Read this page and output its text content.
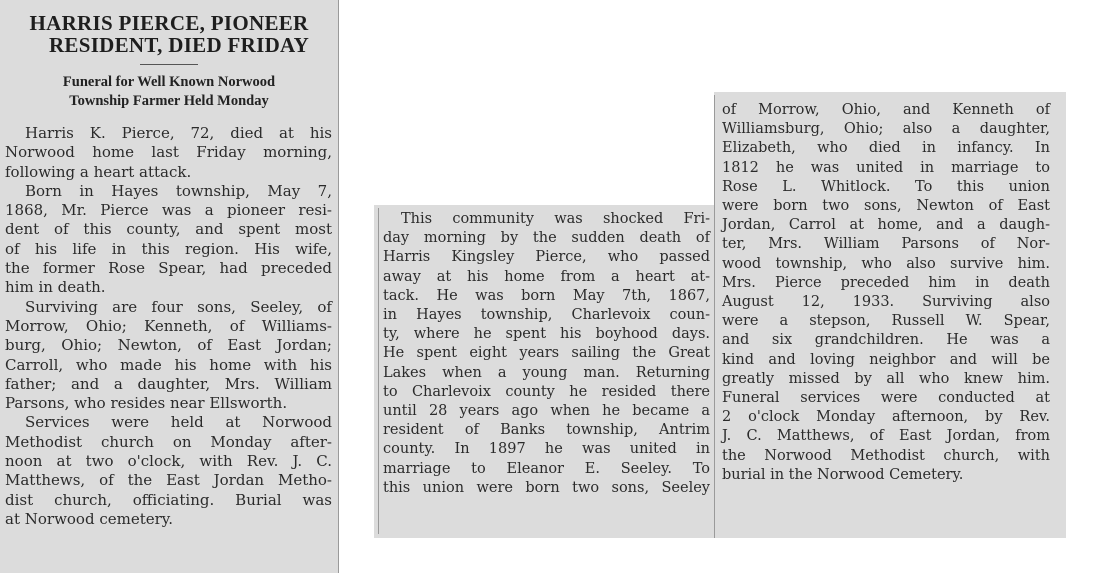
HARRIS PIERCE, PIONEER
RESIDENT, DIED FRIDAY
Funeral for Well Known Norwood
Township Farmer Held Monday
Harris K. Pierce, 72, died at his
Norwood home last Friday morning,
following a heart attack.
Born in Hayes township, May 7,
1868, Mr. Pierce was a pioneer resi-
dent of this county, and spent most
of his life in this region. His wife,
the former Rose Spear, had preceded
him in death.
Surviving are four sons, Seeley, of
Morrow, Ohio; Kenneth, of Williams-
burg, Ohio; Newton, of East Jordan;
Carroll, who made his home with his
father; and a daughter, Mrs. William
Parsons, who resides near Ellsworth.
Services were held at Norwood
Methodist church on Monday after-
noon at two o'clock, with Rev. J. C.
Matthews, of the East Jordan Metho-
dist church, officiating. Burial was
at Norwood cemetery.
This community was shocked Fri-
day morning by the sudden death of
Harris Kingsley Pierce, who passed
away at his home from a heart at-
tack. He was born May 7th, 1867,
in Hayes township, Charlevoix coun-
ty, where he spent his boyhood days.
He spent eight years sailing the Great
Lakes when a young man. Returning
to Charlevoix county he resided there
until 28 years ago when he became a
resident of Banks township, Antrim
county. In 1897 he was united in
marriage to Eleanor E. Seeley. To
this union were born two sons, Seeley
of Morrow, Ohio, and Kenneth of
Williamsburg, Ohio; also a daughter,
Elizabeth, who died in infancy. In
1812 he was united in marriage to
Rose L. Whitlock. To this union
were born two sons, Newton of East
Jordan, Carrol at home, and a daugh-
ter, Mrs. William Parsons of Nor-
wood township, who also survive him.
Mrs. Pierce preceded him in death
August 12, 1933. Surviving also
were a stepson, Russell W. Spear,
and six grandchildren. He was a
kind and loving neighbor and will be
greatly missed by all who knew him.
Funeral services were conducted at
2 o'clock Monday afternoon, by Rev.
J. C. Matthews, of East Jordan, from
the Norwood Methodist church, with
burial in the Norwood Cemetery.
